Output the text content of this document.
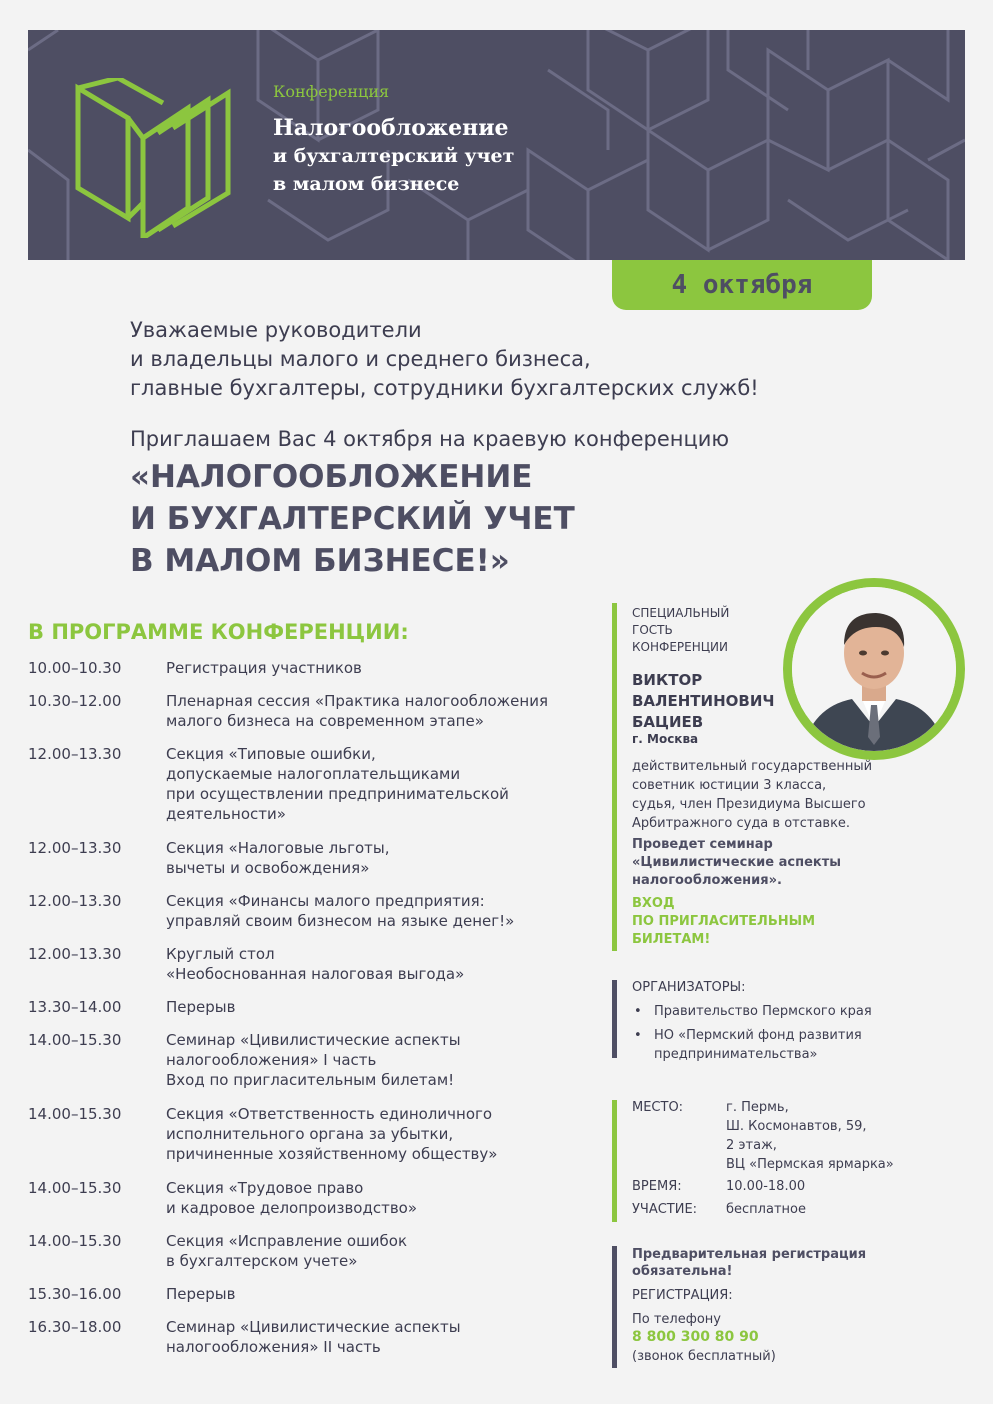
Конференция
Налогообложение
и бухгалтерский учет
в малом бизнесе
4 октября
Уважаемые руководители
и владельцы малого и среднего бизнеса,
главные бухгалтеры, сотрудники бухгалтерских служб!
Приглашаем Вас 4 октября на краевую конференцию
«НАЛОГООБЛОЖЕНИЕ
И БУХГАЛТЕРСКИЙ УЧЕТ
В МАЛОМ БИЗНЕСЕ!»
В ПРОГРАММЕ КОНФЕРЕНЦИИ:
10.00–10.30	Регистрация участников
10.30–12.00	Пленарная сессия «Практика налогообложения
малого бизнеса на современном этапе»
12.00–13.30	Секция «Типовые ошибки,
допускаемые налогоплательщиками
при осуществлении предпринимательской
деятельности»
12.00–13.30	Секция «Налоговые льготы,
вычеты и освобождения»
12.00–13.30	Секция «Финансы малого предприятия:
управляй своим бизнесом на языке денег!»
12.00–13.30	Круглый стол
«Необоснованная налоговая выгода»
13.30–14.00	Перерыв
14.00–15.30	Семинар «Цивилистические аспекты
налогообложения» I часть
Вход по пригласительным билетам!
14.00–15.30	Секция «Ответственность единоличного
исполнительного органа за убытки,
причиненные хозяйственному обществу»
14.00–15.30	Секция «Трудовое право
и кадровое делопроизводство»
14.00–15.30	Секция «Исправление ошибок
в бухгалтерском учете»
15.30–16.00	Перерыв
16.30–18.00	Семинар «Цивилистические аспекты
налогообложения» II часть
СПЕЦИАЛЬНЫЙ
ГОСТЬ
КОНФЕРЕНЦИИ
ВИКТОР
ВАЛЕНТИНОВИЧ
БАЦИЕВ
г. Москва
действительный государственный
советник юстиции 3 класса,
судья, член Президиума Высшего
Арбитражного суда в отставке.
Проведет семинар
«Цивилистические аспекты
налогообложения».
ВХОД
ПО ПРИГЛАСИТЕЛЬНЫМ
БИЛЕТАМ!
ОРГАНИЗАТОРЫ:
• Правительство Пермского края
• НО «Пермский фонд развития
предпринимательства»
МЕСТО:	г. Пермь,
Ш. Космонавтов, 59,
2 этаж,
ВЦ «Пермская ярмарка»
ВРЕМЯ:	10.00-18.00
УЧАСТИЕ: бесплатное
Предварительная регистрация
обязательна!
РЕГИСТРАЦИЯ:
По телефону
8 800 300 80 90
(звонок бесплатный)
